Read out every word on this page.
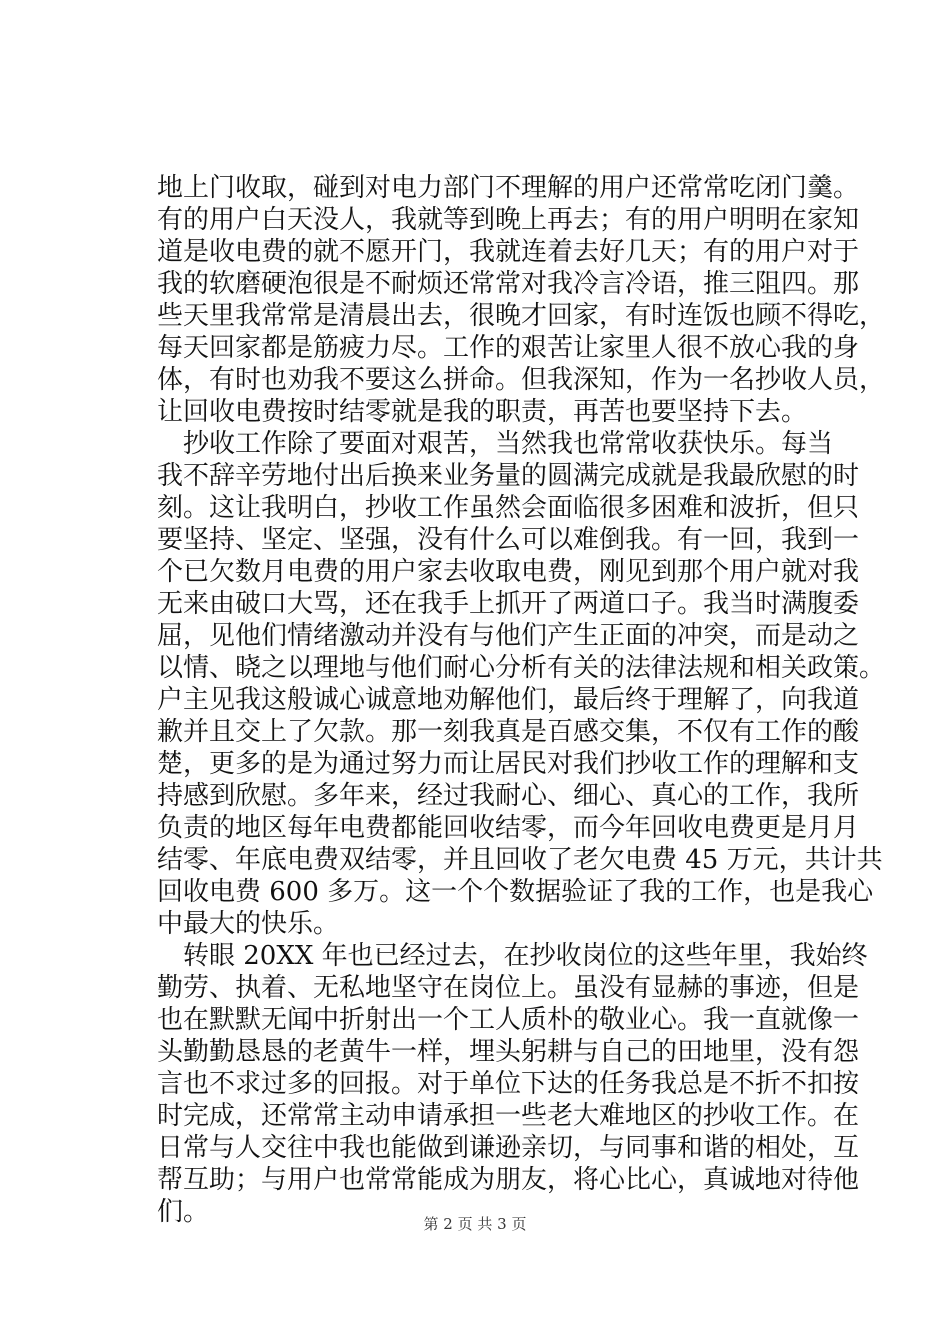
地上门收取，碰到对电力部门不理解的用户还常常吃闭门羹。
有的用户白天没人，我就等到晚上再去；有的用户明明在家知
道是收电费的就不愿开门，我就连着去好几天；有的用户对于
我的软磨硬泡很是不耐烦还常常对我冷言冷语，推三阻四。那
些天里我常常是清晨出去，很晚才回家，有时连饭也顾不得吃，
每天回家都是筋疲力尽。工作的艰苦让家里人很不放心我的身
体，有时也劝我不要这么拼命。但我深知，作为一名抄收人员，
让回收电费按时结零就是我的职责，再苦也要坚持下去。
抄收工作除了要面对艰苦，当然我也常常收获快乐。每当
我不辞辛劳地付出后换来业务量的圆满完成就是我最欣慰的时
刻。这让我明白，抄收工作虽然会面临很多困难和波折，但只
要坚持、坚定、坚强，没有什么可以难倒我。有一回，我到一
个已欠数月电费的用户家去收取电费，刚见到那个用户就对我
无来由破口大骂，还在我手上抓开了两道口子。我当时满腹委
屈，见他们情绪激动并没有与他们产生正面的冲突，而是动之
以情、晓之以理地与他们耐心分析有关的法律法规和相关政策。
户主见我这般诚心诚意地劝解他们，最后终于理解了，向我道
歉并且交上了欠款。那一刻我真是百感交集，不仅有工作的酸
楚，更多的是为通过努力而让居民对我们抄收工作的理解和支
持感到欣慰。多年来，经过我耐心、细心、真心的工作，我所
负责的地区每年电费都能回收结零，而今年回收电费更是月月
结零、年底电费双结零，并且回收了老欠电费 45 万元，共计共
回收电费 600 多万。这一个个数据验证了我的工作，也是我心
中最大的快乐。
转眼 20XX 年也已经过去，在抄收岗位的这些年里，我始终
勤劳、执着、无私地坚守在岗位上。虽没有显赫的事迹，但是
也在默默无闻中折射出一个工人质朴的敬业心。我一直就像一
头勤勤恳恳的老黄牛一样，埋头躬耕与自己的田地里，没有怨
言也不求过多的回报。对于单位下达的任务我总是不折不扣按
时完成，还常常主动申请承担一些老大难地区的抄收工作。在
日常与人交往中我也能做到谦逊亲切，与同事和谐的相处，互
帮互助；与用户也常常能成为朋友，将心比心，真诚地对待他
们。	第 2 页 共 3 页
